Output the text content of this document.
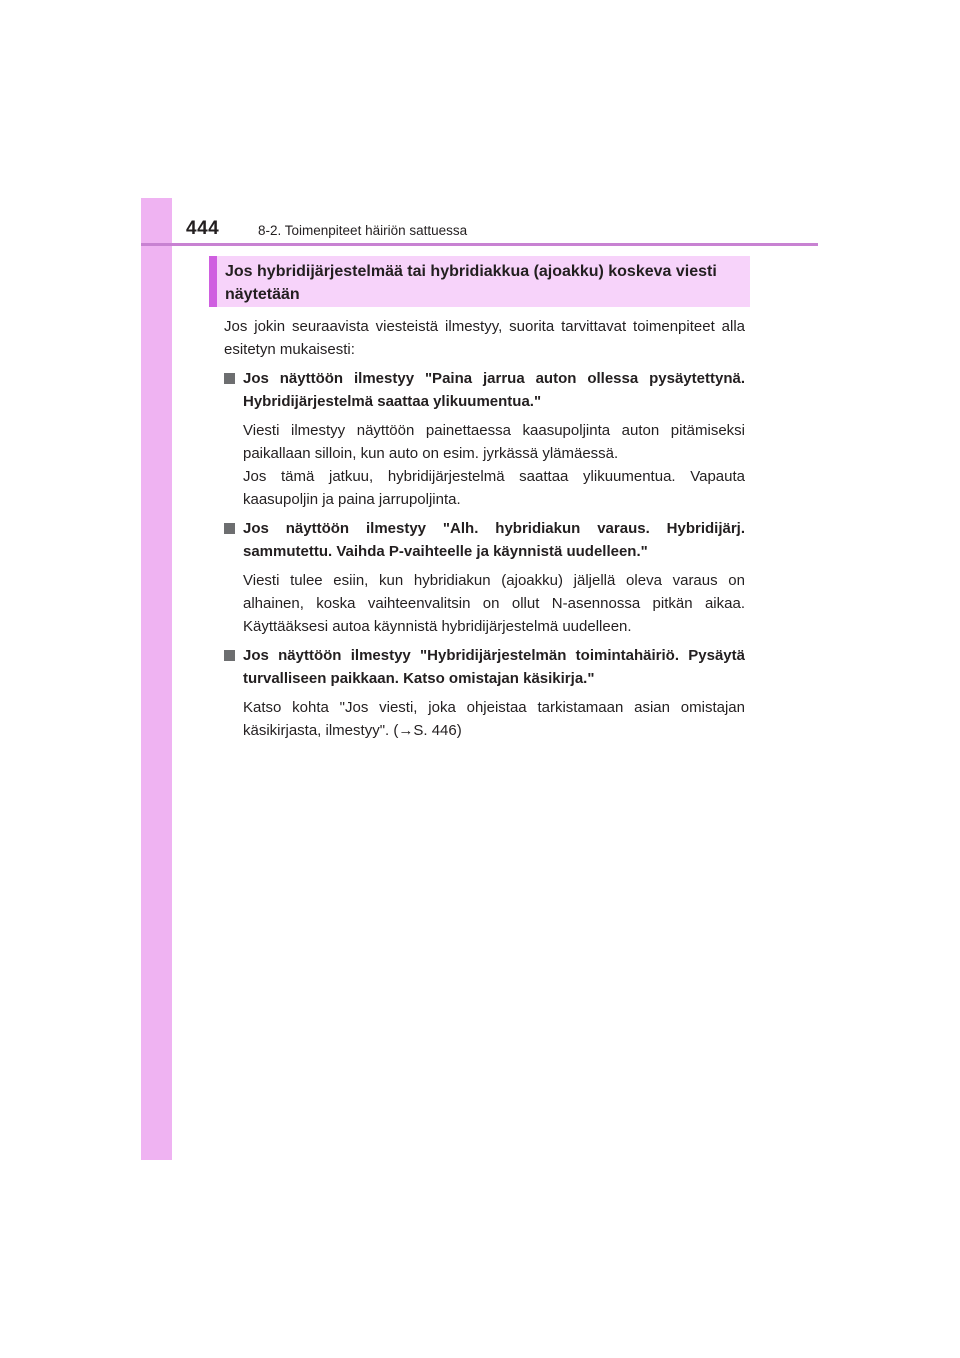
444	8-2. Toimenpiteet häiriön sattuessa
Jos hybridijärjestelmää tai hybridiakkua (ajoakku) koskeva viesti
näytetään

Jos jokin seuraavista viesteistä ilmestyy, suorita tarvittavat toimenpiteet alla esitetyn mukaisesti:

Jos näyttöön ilmestyy "Paina jarrua auton ollessa pysäytettynä. Hybridijärjestelmä saattaa ylikuumentua."

Viesti ilmestyy näyttöön painettaessa kaasupoljinta auton pitämiseksi paikallaan silloin, kun auto on esim. jyrkässä ylämäessä.

Jos tämä jatkuu, hybridijärjestelmä saattaa ylikuumentua. Vapauta kaasupoljin ja paina jarrupoljinta.

Jos näyttöön ilmestyy "Alh. hybridiakun varaus. Hybridijärj. sammutettu. Vaihda P-vaihteelle ja käynnistä uudelleen."

Viesti tulee esiin, kun hybridiakun (ajoakku) jäljellä oleva varaus on alhainen, koska vaihteenvalitsin on ollut N-asennossa pitkän aikaa. Käyttääksesi autoa käynnistä hybridijärjestelmä uudelleen.

Jos näyttöön ilmestyy "Hybridijärjestelmän toimintahäiriö. Pysäytä turvalliseen paikkaan. Katso omistajan käsikirja."

Katso kohta "Jos viesti, joka ohjeistaa tarkistamaan asian omistajan käsikirjasta, ilmestyy". (→S. 446)
